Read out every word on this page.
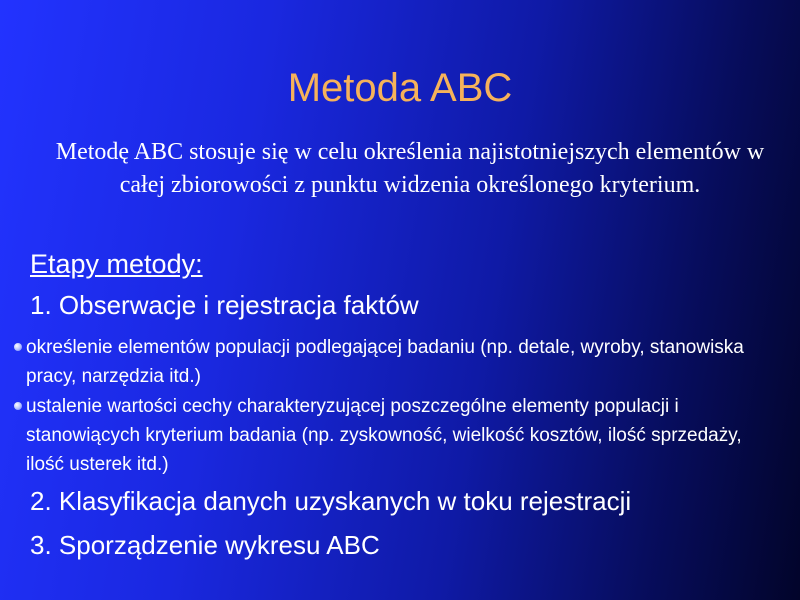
Metoda ABC

Metodę ABC stosuje się w celu określenia najistotniejszych elementów w całej zbiorowości z punktu widzenia określonego kryterium.

Etapy metody:

1. Obserwacje i rejestracja faktów

określenie elementów populacji podlegającej badaniu (np. detale, wyroby, stanowiska pracy, narzędzia itd.)

ustalenie wartości cechy charakteryzującej poszczególne elementy populacji i stanowiących kryterium badania (np. zyskowność, wielkość kosztów, ilość sprzedaży, ilość usterek itd.)

2. Klasyfikacja danych uzyskanych w toku rejestracji

3. Sporządzenie wykresu ABC
